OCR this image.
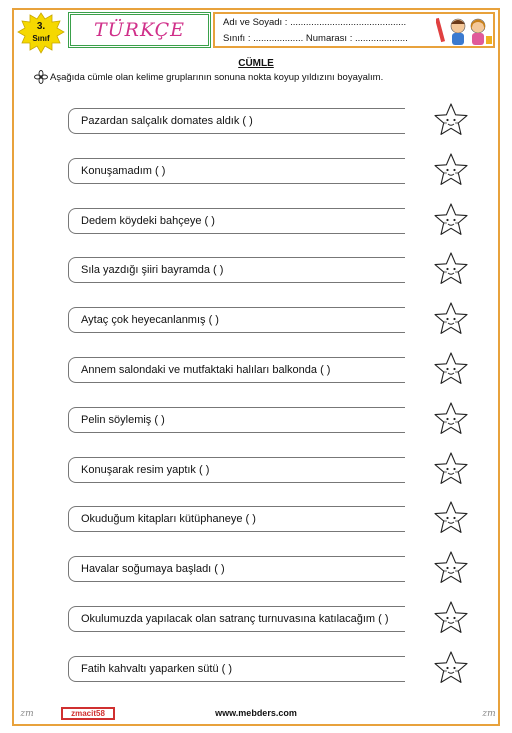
3.
Sınıf	TÜRKÇE	Adı ve Soyadı : ............................................
Sınıfı : ................... Numarası : ....................
CÜMLE
Aşağıda cümle olan kelime gruplarının sonuna nokta koyup yıldızını boyayalım.
Pazardan salçalık domates aldık ( )
Konuşamadım ( )
Dedem köydeki bahçeye ( )
Sıla yazdığı şiiri bayramda ( )
Aytaç çok heyecanlanmış ( )
Annem salondaki ve mutfaktaki halıları balkonda ( )
Pelin söylemiş ( )
Konuşarak resim yaptık ( )
Okuduğum kitapları kütüphaneye ( )
Havalar soğumaya başladı ( )
Okulumuzda yapılacak olan satranç turnuvasına katılacağım ( )
Fatih kahvaltı yaparken sütü ( )
zm	zmacit58	www.mebders.com	zm
